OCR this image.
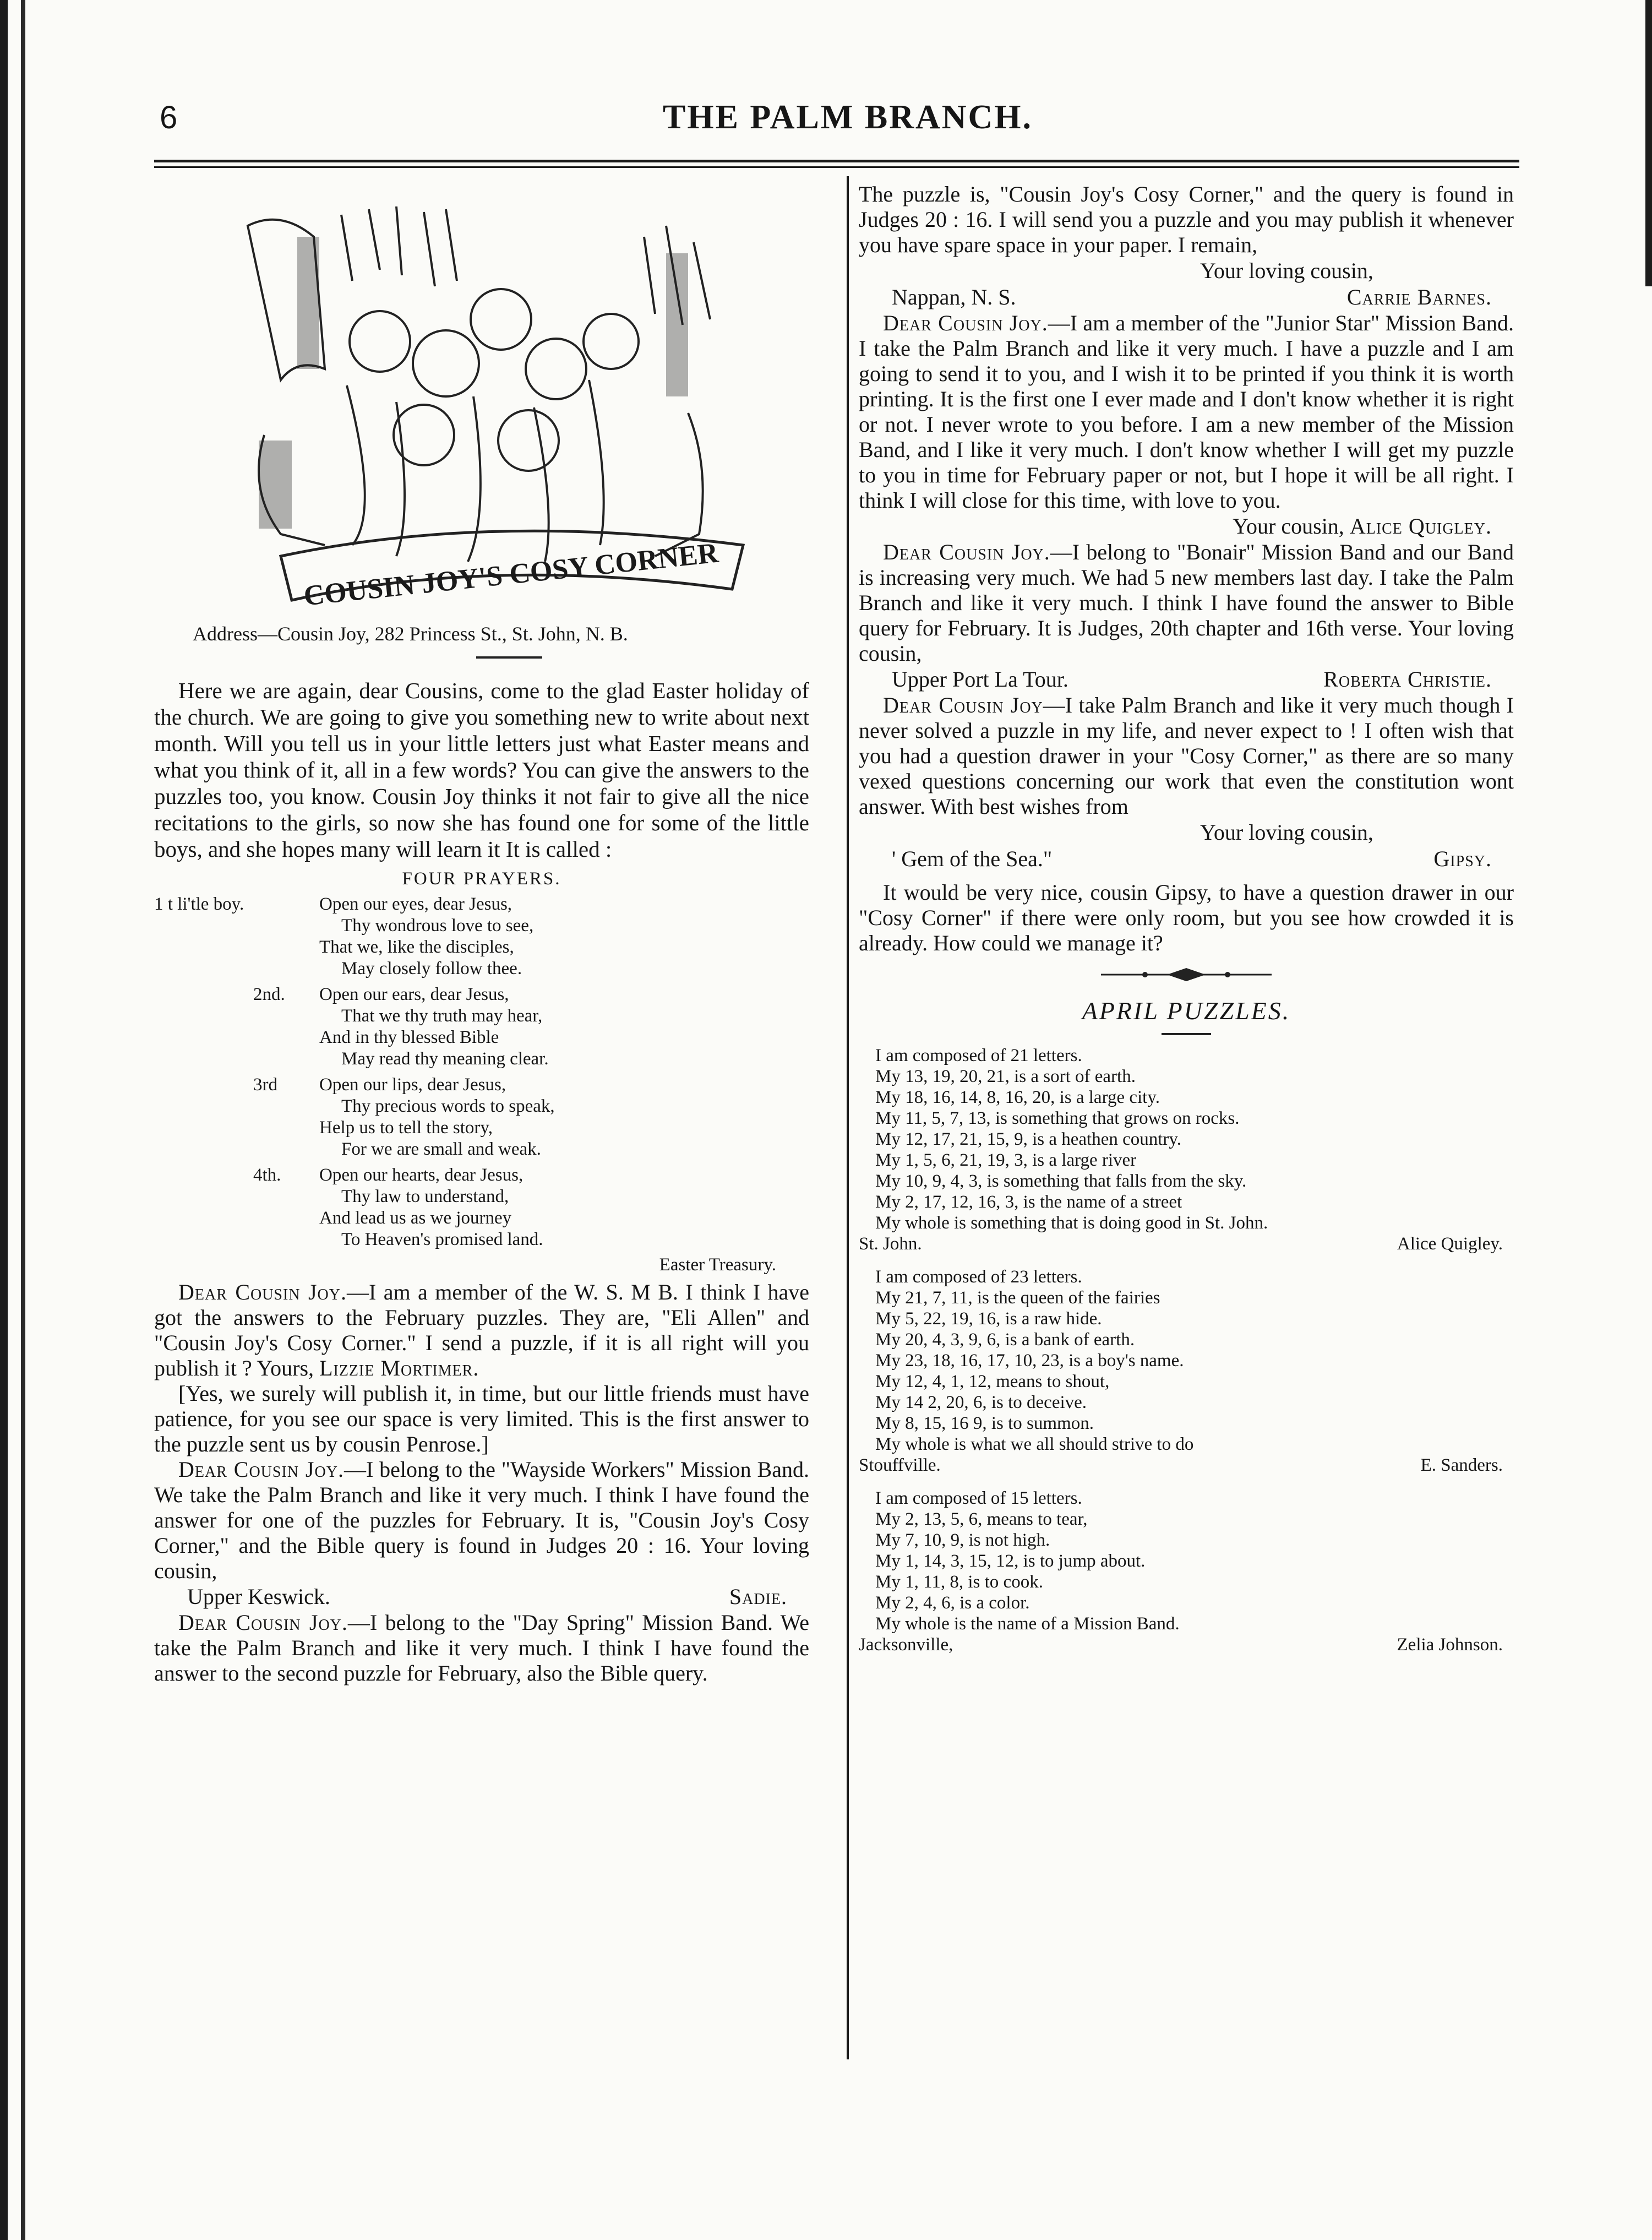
6	THE PALM BRANCH.
COUSIN JOY'S COSY CORNER
Address—Cousin Joy, 282 Princess St., St. John, N. B.

Here we are again, dear Cousins, come to the glad Easter holiday of the church. We are going to give you something new to write about next month. Will you tell us in your little letters just what Easter means and what you think of it, all in a few words? You can give the answers to the puzzles too, you know. Cousin Joy thinks it not fair to give all the nice recitations to the girls, so now she has found one for some of the little boys, and she hopes many will learn it It is called :

FOUR PRAYERS.
1 t li'tle boy.	Open our eyes, dear Jesus,
Thy wondrous love to see,
That we, like the disciples,
May closely follow thee.
2nd. Open our ears, dear Jesus,
That we thy truth may hear,
And in thy blessed Bible
May read thy meaning clear.
3rd Open our lips, dear Jesus,
Thy precious words to speak,
Help us to tell the story,
For we are small and weak.
4th. Open our hearts, dear Jesus,
Thy law to understand,
And lead us as we journey
To Heaven's promised land.
Easter Treasury.

Dear Cousin Joy.—I am a member of the W. S. M B. I think I have got the answers to the February puzzles. They are, "Eli Allen" and "Cousin Joy's Cosy Corner." I send a puzzle, if it is all right will you publish it ? Yours, Lizzie Mortimer.

[Yes, we surely will publish it, in time, but our little friends must have patience, for you see our space is very limited. This is the first answer to the puzzle sent us by cousin Penrose.]

Dear Cousin Joy.—I belong to the "Wayside Workers" Mission Band. We take the Palm Branch and like it very much. I think I have found the answer for one of the puzzles for February. It is, "Cousin Joy's Cosy Corner," and the Bible query is found in Judges 20 : 16. Your loving cousin,

Upper Keswick.	Sadie.

Dear Cousin Joy.—I belong to the "Day Spring" Mission Band. We take the Palm Branch and like it very much. I think I have found the answer to the second puzzle for February, also the Bible query.

The puzzle is, "Cousin Joy's Cosy Corner," and the query is found in Judges 20 : 16. I will send you a puzzle and you may publish it whenever you have spare space in your paper. I remain,

Your loving cousin,
Nappan, N. S.	Carrie Barnes.

Dear Cousin Joy.—I am a member of the "Junior Star" Mission Band. I take the Palm Branch and like it very much. I have a puzzle and I am going to send it to you, and I wish it to be printed if you think it is worth printing. It is the first one I ever made and I don't know whether it is right or not. I never wrote to you before. I am a new member of the Mission Band, and I like it very much. I don't know whether I will get my puzzle to you in time for February paper or not, but I hope it will be all right. I think I will close for this time, with love to you.

Your cousin, Alice Quigley.

Dear Cousin Joy.—I belong to "Bonair" Mission Band and our Band is increasing very much. We had 5 new members last day. I take the Palm Branch and like it very much. I think I have found the answer to Bible query for February. It is Judges, 20th chapter and 16th verse. Your loving cousin,

Upper Port La Tour.	Roberta Christie.

Dear Cousin Joy—I take Palm Branch and like it very much though I never solved a puzzle in my life, and never expect to ! I often wish that you had a question drawer in your "Cosy Corner," as there are so many vexed questions concerning our work that even the constitution wont answer. With best wishes from

Your loving cousin,
' Gem of the Sea."	Gipsy.

It would be very nice, cousin Gipsy, to have a question drawer in our "Cosy Corner" if there were only room, but you see how crowded it is already. How could we manage it?

APRIL PUZZLES.
I am composed of 21 letters.
My 13, 19, 20, 21, is a sort of earth.
My 18, 16, 14, 8, 16, 20, is a large city.
My 11, 5, 7, 13, is something that grows on rocks.
My 12, 17, 21, 15, 9, is a heathen country.
My 1, 5, 6, 21, 19, 3, is a large river
My 10, 9, 4, 3, is something that falls from the sky.
My 2, 17, 12, 16, 3, is the name of a street
My whole is something that is doing good in St. John.
St. John.	Alice Quigley.
I am composed of 23 letters.
My 21, 7, 11, is the queen of the fairies
My 5, 22, 19, 16, is a raw hide.
My 20, 4, 3, 9, 6, is a bank of earth.
My 23, 18, 16, 17, 10, 23, is a boy's name.
My 12, 4, 1, 12, means to shout,
My 14 2, 20, 6, is to deceive.
My 8, 15, 16 9, is to summon.
My whole is what we all should strive to do
Stouffville.	E. Sanders.
I am composed of 15 letters.
My 2, 13, 5, 6, means to tear,
My 7, 10, 9, is not high.
My 1, 14, 3, 15, 12, is to jump about.
My 1, 11, 8, is to cook.
My 2, 4, 6, is a color.
My whole is the name of a Mission Band.
Jacksonville,	Zelia Johnson.
